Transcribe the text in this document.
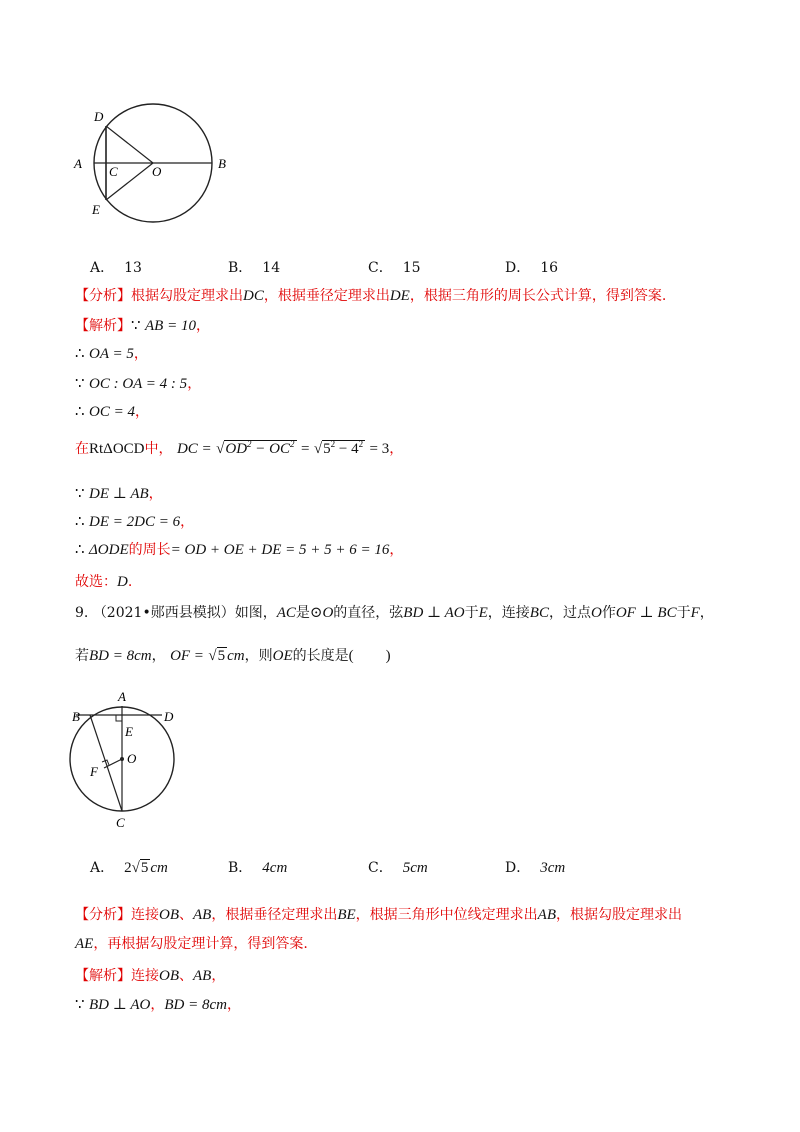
D
A
C	O
B
E
A． 13	B． 14	C． 15	D． 16
【分析】根据勾股定理求出DC，根据垂径定理求出DE，根据三角形的周长公式计算，得到答案.
【解析】∵ AB = 10，
∴ OA = 5，
∵ OC : OA = 4 : 5，
∴ OC = 4，
在RtΔOCD中， DC = $√OD^2 - OC^2 = √5^2 - 4^2 = 3$，
∵ DE ⊥ AB，
∴ DE = 2DC = 6，
∴ ΔODE的周长= OD + OE + DE = 5 + 5 + 6 = 16，
故选：D.
9. （2021•郧西县模拟）如图，AC是⊙O的直径，弦BD ⊥ AO于E，连接BC，过点O作OF ⊥ BC于F，
若BD = 8cm， OF = √5 cm，则OE的长度是( )
A
B	D
E
O
F
C
A． 2√5 cm	B． 4cm	C． 5cm	D． 3cm
【分析】连接OB、AB，根据垂径定理求出BE，根据三角形中位线定理求出AB，根据勾股定理求出
AE，再根据勾股定理计算，得到答案.
【解析】连接OB、AB，
∵ BD ⊥ AO，BD = 8cm，
